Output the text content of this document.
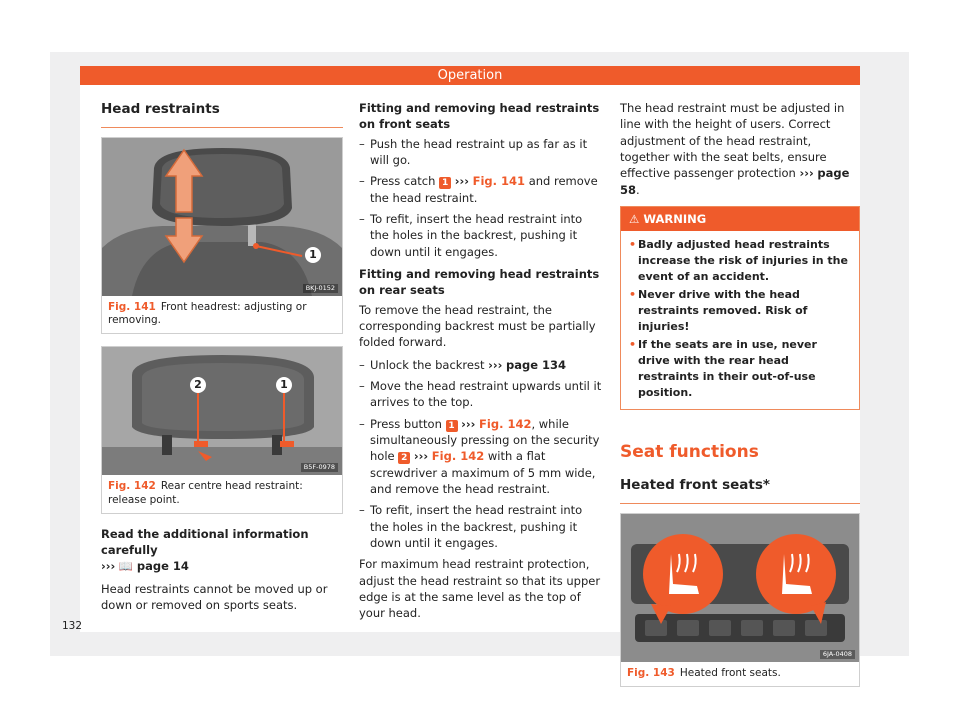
Operation
Head restraints
1
BKJ-0152
Fig. 141 Front headrest: adjusting or removing.
2	1
B5F-0978
Fig. 142 Rear centre head restraint: release point.
Read the additional information carefully
››› 📖 page 14

Head restraints cannot be moved up or down or removed on sports seats.

Fitting and removing head restraints on front seats
– Push the head restraint up as far as it will go.
– Press catch 1 ››› Fig. 141 and remove the head restraint.
– To refit, insert the head restraint into the holes in the backrest, pushing it down until it engages.
Fitting and removing head restraints on rear seats

To remove the head restraint, the corresponding backrest must be partially folded forward.

– Unlock the backrest ››› page 134
– Move the head restraint upwards until it arrives to the top.
– Press button 1 ››› Fig. 142, while simultaneously pressing on the security hole 2 ››› Fig. 142 with a flat screwdriver a maximum of 5 mm wide, and remove the head restraint.
– To refit, insert the head restraint into the holes in the backrest, pushing it down until it engages.

For maximum head restraint protection, adjust the head restraint so that its upper edge is at the same level as the top of your head.

The head restraint must be adjusted in line with the height of users. Correct adjustment of the head restraint, together with the seat belts, ensure effective passenger protection ››› page 58.

⚠ WARNING
• Badly adjusted head restraints increase the risk of injuries in the event of an accident.
• Never drive with the head restraints removed. Risk of injuries!
• If the seats are in use, never drive with the rear head restraints in their out-of-use position.
Seat functions
Heated front seats*
6JA-0408
Fig. 143 Heated front seats.
132
